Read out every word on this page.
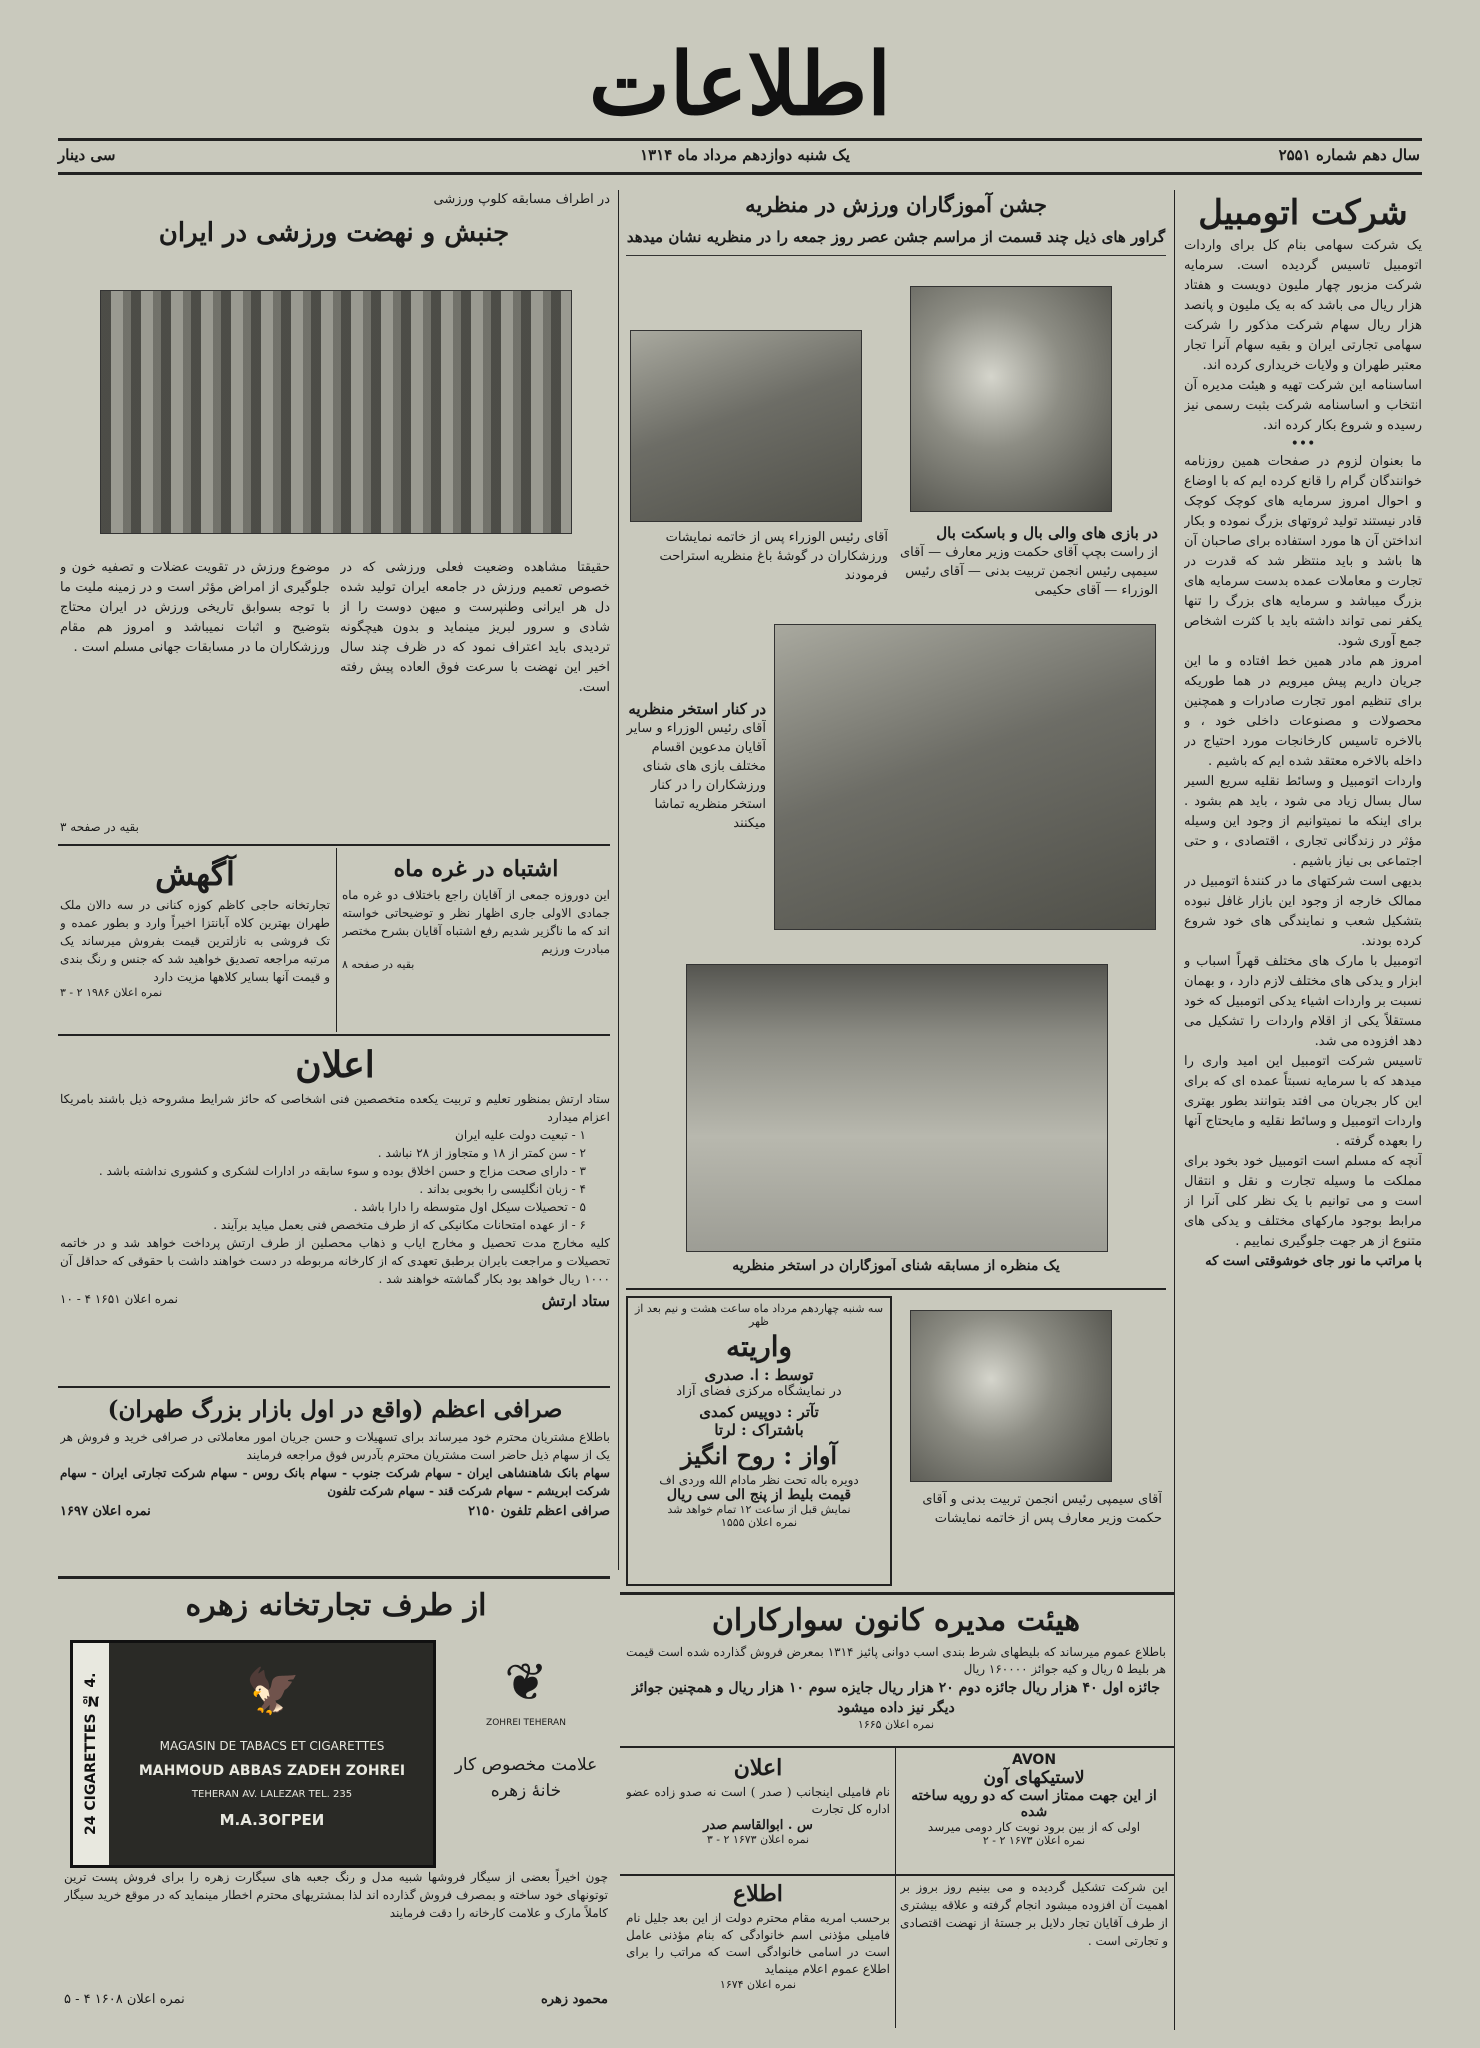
اطلاعات
سال دهم شماره ۲۵۵۱
یک شنبه دوازدهم مرداد ماه ۱۳۱۴
سی دینار
شرکت اتومبیل
یک شرکت سهامی بنام کل برای واردات اتومبیل تاسیس گردیده است. سرمایه شرکت مزبور چهار ملیون دویست و هفتاد هزار ریال می باشد که به یک ملیون و پانصد هزار ریال سهام شرکت مذکور را شرکت سهامی تجارتی ایران و بقیه سهام آنرا تجار معتبر طهران و ولایات خریداری کرده اند.
اساسنامه این شرکت تهیه و هیئت مدیره آن انتخاب و اساسنامه شرکت بثبت رسمی نیز رسیده و شروع بکار کرده اند.
•••
ما بعنوان لزوم در صفحات همین روزنامه خوانندگان گرام را قانع کرده ایم که با اوضاع و احوال امروز سرمایه های کوچک کوچک قادر نیستند تولید ثروتهای بزرگ نموده و بکار انداختن آن ها مورد استفاده برای صاحبان آن ها باشد و باید منتظر شد که قدرت در تجارت و معاملات عمده بدست سرمایه های بزرگ میباشد و سرمایه های بزرگ را تنها یکفر نمی تواند داشته باید با کثرت اشخاص جمع آوری شود.
امروز هم مادر همین خط افتاده و ما این جریان داریم پیش میرویم در هما طوریکه برای تنظیم امور تجارت صادرات و همچنین محصولات و مصنوعات داخلی خود ، و بالاخره تاسیس کارخانجات مورد احتیاج در داخله بالاخره معتقد شده ایم که باشیم .
واردات اتومبیل و وسائط نقلیه سریع السیر سال بسال زیاد می شود ، باید هم بشود . برای اینکه ما نمیتوانیم از وجود این وسیله مؤثر در زندگانی تجاری ، اقتصادی ، و حتی اجتماعی بی نیاز باشیم .
بدیهی است شرکتهای ما در کنندهٔ اتومبیل در ممالک خارجه از وجود این بازار غافل نبوده بتشکیل شعب و نمایندگی های خود شروع کرده بودند.
اتومبیل با مارک های مختلف قهراً اسباب و ابزار و یدکی های مختلف لازم دارد ، و بهمان نسبت بر واردات اشیاء یدکی اتومبیل که خود مستقلاً یکی از اقلام واردات را تشکیل می دهد افزوده می شد.
تاسیس شرکت اتومبیل این امید واری را میدهد که با سرمایه نسبتاً عمده ای که برای این کار بجریان می افتد بتوانند بطور بهتری واردات اتومبیل و وسائط نقلیه و مایحتاج آنها را بعهده گرفته .
آنچه که مسلم است اتومبیل خود بخود برای مملکت ما وسیله تجارت و نقل و انتقال است و می توانیم با یک نظر کلی آنرا از مرابط بوجود مارکهای مختلف و یدکی های متنوع از هر جهت جلوگیری نماییم .
با مراتب ما نور جای خوشوقتی است که
جشن آموزگاران ورزش در منظریه
گراور های ذیل چند قسمت از مراسم جشن عصر روز جمعه را در منظریه نشان میدهد
در بازی های والی بال و باسکت بال
از راست بچپ آقای حکمت وزیر معارف — آقای سیمپی رئیس انجمن تربیت بدنی — آقای رئیس الوزراء — آقای حکیمی
آقای رئیس الوزراء پس از خاتمه نمایشات ورزشکاران در گوشهٔ باغ منظریه استراحت فرمودند
در کنار استخر منظریه
آقای رئیس الوزراء و سایر آقایان مدعوین اقسام مختلف بازی های شنای ورزشکاران را در کنار استخر منظریه تماشا میکنند
یک منظره از مسابقه شنای آموزگاران در استخر منظریه
در اطراف مسابقه کلوپ ورزشی
جنبش و نهضت ورزشی در ایران
حقیقتا مشاهده وضعیت فعلی ورزشی که در خصوص تعمیم ورزش در جامعه ایران تولید شده دل هر ایرانی وطنپرست و میهن دوست را از شادی و سرور لبریز مینماید و بدون هیچگونه تردیدی باید اعتراف نمود که در ظرف چند سال اخیر این نهضت با سرعت فوق العاده پیش رفته است.
موضوع ورزش در تقویت عضلات و تصفیه خون و جلوگیری از امراض مؤثر است و در زمینه ملیت ما با توجه بسوابق تاریخی ورزش در ایران محتاج بتوضیح و اثبات نمیباشد و امروز هم مقام ورزشکاران ما در مسابقات جهانی مسلم است .
بقیه در صفحه ۳
آگهش
تجارتخانه حاجی کاظم کوزه کنانی در سه دالان ملک طهران بهترین کلاه آبانتزا اخیراً وارد و بطور عمده و تک فروشی به نازلترین قیمت بفروش میرساند یک مرتبه مراجعه تصدیق خواهید شد که جنس و رنگ بندی و قیمت آنها بسایر کلاهها مزیت دارد
نمره اعلان ۱۹۸۶ ۲ - ۳
اشتباه در غره ماه
این دوروزه جمعی از آقایان راجع باختلاف دو غره ماه جمادی الاولی جاری اظهار نظر و توضیحاتی خواسته اند که ما ناگزیر شدیم رفع اشتباه آقایان بشرح مختصر مبادرت ورزیم
بقیه در صفحه ۸
اعلان
ستاد ارتش بمنظور تعلیم و تربیت یکعده متخصصین فنی اشخاصی که حائز شرایط مشروحه ذیل باشند بامریکا اعزام میدارد
۱ - تبعیت دولت علیه ایران
۲ - سن کمتر از ۱۸ و متجاوز از ۲۸ نباشد .
۳ - دارای صحت مزاج و حسن اخلاق بوده و سوء سابقه در ادارات لشکری و کشوری نداشته باشد .
۴ - زبان انگلیسی را بخوبی بداند .
۵ - تحصیلات سیکل اول متوسطه را دارا باشد .
۶ - از عهده امتحانات مکانیکی که از طرف متخصص فنی بعمل میاید برآیند .
کلیه مخارج مدت تحصیل و مخارج ایاب و ذهاب محصلین از طرف ارتش پرداخت خواهد شد و در خاتمه تحصیلات و مراجعت بایران برطبق تعهدی که از کارخانه مربوطه در دست خواهند داشت با حقوقی که حداقل آن ۱۰۰۰ ریال خواهد بود بکار گماشته خواهند شد .
ستاد ارتش
نمره اعلان ۱۶۵۱ ۴ - ۱۰
صرافی اعظم (واقع در اول بازار بزرگ طهران)
باطلاع مشتریان محترم خود میرساند برای تسهیلات و حسن جریان امور معاملاتی در صرافی خرید و فروش هر یک از سهام ذیل حاضر است مشتریان محترم بآدرس فوق مراجعه فرمایند
سهام بانک شاهنشاهی ایران - سهام شرکت جنوب - سهام بانک روس - سهام شرکت تجارتی ایران - سهام شرکت ابریشم - سهام شرکت قند - سهام شرکت تلفون
صرافی اعظم تلفون ۲۱۵۰
نمره اعلان ۱۶۹۷
از طرف تجارتخانه زهره
24 CIGARETTES № 4.	🦅
MAGASIN DE TABACS ET CIGARETTES
MAHMOUD ABBAS ZADEH ZOHREI
TEHERAN AV. LALEZAR TEL. 235
M.A.3ОГРЕИ
❦
ZOHREI TEHERAN
علامت مخصوص کار خانهٔ زهره
چون اخیراً بعضی از سیگار فروشها شبیه مدل و رنگ جعبه های سیگارت زهره را برای فروش پست ترین توتونهای خود ساخته و بمصرف فروش گذارده اند لذا بمشتریهای محترم اخطار مینماید که در موقع خرید سیگار کاملاً مارک و علامت کارخانه را دقت فرمایند
محمود زهره
نمره اعلان ۱۶۰۸ ۴ - ۵
آقای سیمپی رئیس انجمن تربیت بدنی و آقای حکمت وزیر معارف پس از خاتمه نمایشات
سه شنبه چهاردهم مرداد ماه ساعت هشت و نیم بعد از ظهر
واریته
توسط : ا. صدری
در نمایشگاه مرکزی فضای آزاد
تآتر : دوپیس کمدی
باشتراک : لرتا
آواز : روح انگیز
دویره باله تحت نظر مادام الله وردی اف
قیمت بلیط از پنج الی سی ریال
نمایش قبل از ساعت ۱۲ تمام خواهد شد
نمره اعلان ۱۵۵۵
هیئت مدیره کانون سوارکاران
باطلاع عموم میرساند که بلیطهای شرط بندی اسب دوانی پائیز ۱۳۱۴ بمعرض فروش گذارده شده است قیمت هر بلیط ۵ ریال و کیه جوائز ۱۶۰۰۰۰ ریال
جائزه اول ۴۰ هزار ریال جائزه دوم ۲۰ هزار ریال جایزه سوم ۱۰ هزار ریال و همچنین جوائز دیگر نیز داده میشود
نمره اعلان ۱۶۶۵
AVON
لاستیکهای آون
از این جهت ممتاز است که دو رویه ساخته شده
اولی که از بین برود نوبت کار دومی میرسد
نمره اعلان ۱۶۷۳ ۲ - ۲
اعلان
نام فامیلی اینجانب ( صدر ) است نه صدو زاده عضو اداره کل تجارت
س . ابوالقاسم صدر
نمره اعلان ۱۶۷۳ ۲ - ۳
اطلاع
برحسب امریه مقام محترم دولت از این بعد جلیل نام فامیلی مؤذنی اسم خانوادگی که بنام مؤذنی عامل است در اسامی خانوادگی است که مراتب را برای اطلاع عموم اعلام مینماید
نمره اعلان ۱۶۷۴
این شرکت تشکیل گردیده و می بینیم روز بروز بر اهمیت آن افزوده میشود انجام گرفته و علاقه بیشتری از طرف آقایان تجار دلایل بر جستهٔ از نهضت اقتصادی و تجارتی است .
